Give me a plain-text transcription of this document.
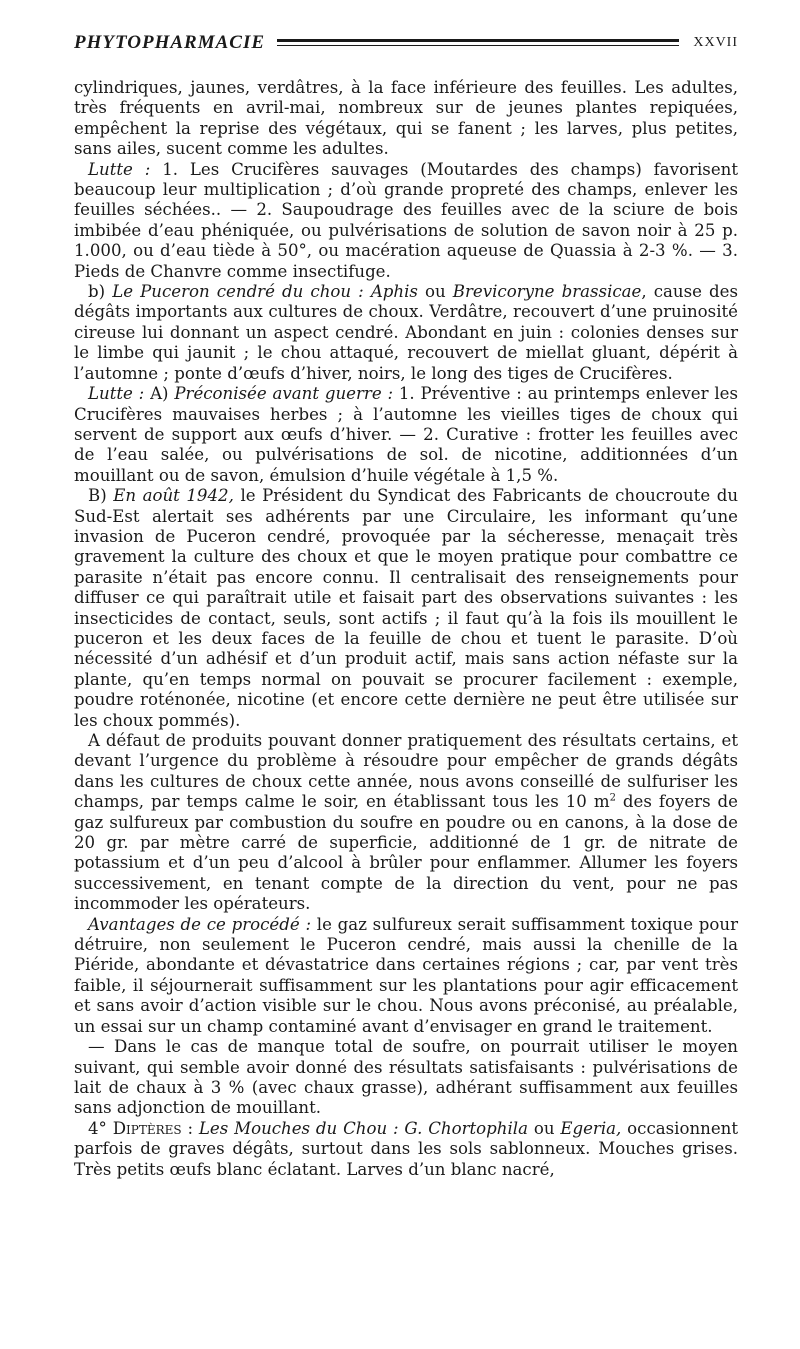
PHYTOPHARMACIE	XXVII

cylindriques, jaunes, verdâtres, à la face inférieure des feuilles. Les adultes, très fréquents en avril-mai, nombreux sur de jeunes plantes repiquées, empêchent la reprise des végétaux, qui se fanent ; les larves, plus petites, sans ailes, sucent comme les adultes.

Lutte : 1. Les Crucifères sauvages (Moutardes des champs) favorisent beaucoup leur multiplication ; d’où grande propreté des champs, enlever les feuilles séchées.. — 2. Saupoudrage des feuilles avec de la sciure de bois imbibée d’eau phéniquée, ou pulvérisations de solution de savon noir à 25 p. 1.000, ou d’eau tiède à 50°, ou macération aqueuse de Quassia à 2-3 %. — 3. Pieds de Chanvre comme insectifuge.

b) Le Puceron cendré du chou : Aphis ou Brevicoryne brassicae, cause des dégâts importants aux cultures de choux. Verdâtre, recouvert d’une pruinosité cireuse lui donnant un aspect cendré. Abondant en juin : colonies denses sur le limbe qui jaunit ; le chou attaqué, recouvert de miellat gluant, dépérit à l’automne ; ponte d’œufs d’hiver, noirs, le long des tiges de Crucifères.

Lutte : A) Préconisée avant guerre : 1. Préventive : au printemps enlever les Crucifères mauvaises herbes ; à l’automne les vieilles tiges de choux qui servent de support aux œufs d’hiver. — 2. Curative : frotter les feuilles avec de l’eau salée, ou pulvérisations de sol. de nicotine, additionnées d’un mouillant ou de savon, émulsion d’huile végétale à 1,5 %.

B) En août 1942, le Président du Syndicat des Fabricants de choucroute du Sud-Est alertait ses adhérents par une Circulaire, les informant qu’une invasion de Puceron cendré, provoquée par la sécheresse, menaçait très gravement la culture des choux et que le moyen pratique pour combattre ce parasite n’était pas encore connu. Il centralisait des renseignements pour diffuser ce qui paraîtrait utile et faisait part des observations suivantes : les insecticides de contact, seuls, sont actifs ; il faut qu’à la fois ils mouillent le puceron et les deux faces de la feuille de chou et tuent le parasite. D’où nécessité d’un adhésif et d’un produit actif, mais sans action néfaste sur la plante, qu’en temps normal on pouvait se procurer facilement : exemple, poudre roténonée, nicotine (et encore cette dernière ne peut être utilisée sur les choux pommés).

A défaut de produits pouvant donner pratiquement des résultats certains, et devant l’urgence du problème à résoudre pour empêcher de grands dégâts dans les cultures de choux cette année, nous avons conseillé de sulfuriser les champs, par temps calme le soir, en établissant tous les 10 $m^2$ des foyers de gaz sulfureux par combustion du soufre en poudre ou en canons, à la dose de 20 gr. par mètre carré de superficie, additionné de 1 gr. de nitrate de potassium et d’un peu d’alcool à brûler pour enflammer. Allumer les foyers successivement, en tenant compte de la direction du vent, pour ne pas incommoder les opérateurs.

Avantages de ce procédé : le gaz sulfureux serait suffisamment toxique pour détruire, non seulement le Puceron cendré, mais aussi la chenille de la Piéride, abondante et dévastatrice dans certaines régions ; car, par vent très faible, il séjournerait suffisamment sur les plantations pour agir efficacement et sans avoir d’action visible sur le chou. Nous avons préconisé, au préalable, un essai sur un champ contaminé avant d’envisager en grand le traitement.

— Dans le cas de manque total de soufre, on pourrait utiliser le moyen suivant, qui semble avoir donné des résultats satisfaisants : pulvérisations de lait de chaux à 3 % (avec chaux grasse), adhérant suffisamment aux feuilles sans adjonction de mouillant.

4° Diptères : Les Mouches du Chou : G. Chortophila ou Egeria, occasionnent parfois de graves dégâts, surtout dans les sols sablonneux. Mouches grises. Très petits œufs blanc éclatant. Larves d’un blanc nacré,
